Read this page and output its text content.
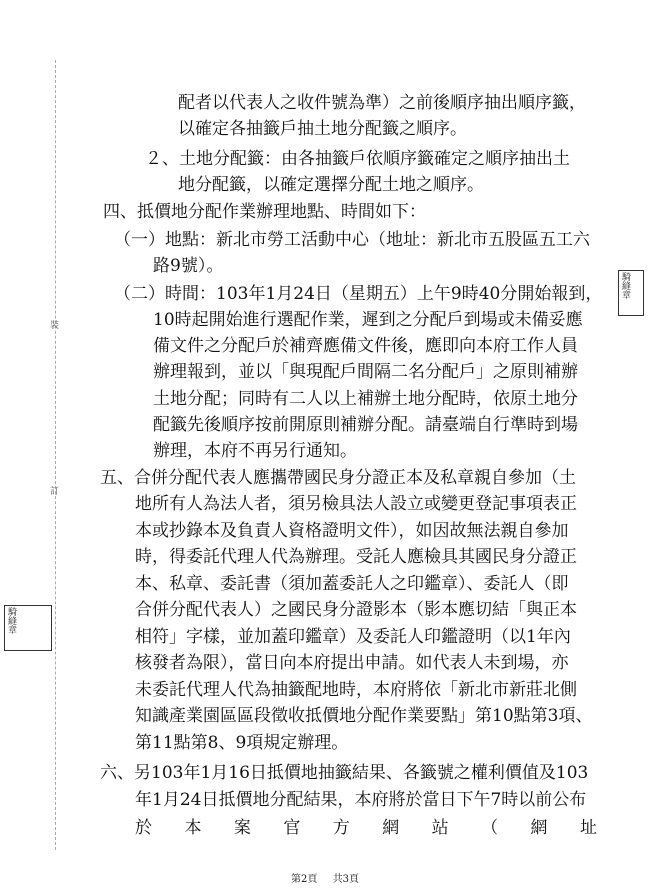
裝
訂
騎縫章
騎縫章
配者以代表人之收件號為準）之前後順序抽出順序籤，
以確定各抽籤戶抽土地分配籤之順序。
２、土地分配籤：由各抽籤戶依順序籤確定之順序抽出土
地分配籤，以確定選擇分配土地之順序。
四、抵價地分配作業辦理地點、時間如下：
（一）地點：新北市勞工活動中心（地址：新北市五股區五工六
路9號）。
（二）時間：103年1月24日（星期五）上午9時40分開始報到，
10時起開始進行選配作業，遲到之分配戶到場或未備妥應
備文件之分配戶於補齊應備文件後，應即向本府工作人員
辦理報到，並以「與現配戶間隔二名分配戶」之原則補辦
土地分配；同時有二人以上補辦土地分配時，依原土地分
配籤先後順序按前開原則補辦分配。請臺端自行準時到場
辦理，本府不再另行通知。
五、合併分配代表人應攜帶國民身分證正本及私章親自參加（土
地所有人為法人者，須另檢具法人設立或變更登記事項表正
本或抄錄本及負責人資格證明文件），如因故無法親自參加
時，得委託代理人代為辦理。受託人應檢具其國民身分證正
本、私章、委託書（須加蓋委託人之印鑑章）、委託人（即
合併分配代表人）之國民身分證影本（影本應切結「與正本
相符」字樣，並加蓋印鑑章）及委託人印鑑證明（以1年內
核發者為限），當日向本府提出申請。如代表人未到場，亦
未委託代理人代為抽籤配地時，本府將依「新北市新莊北側
知識產業園區區段徵收抵價地分配作業要點」第10點第3項、
第11點第8、9項規定辦理。
六、另103年1月16日抵價地抽籤結果、各籤號之權利價值及103
年1月24日抵價地分配結果，本府將於當日下午7時以前公布
於 本 案 官 方 網 站 （ 網 址
第2頁 共3頁
